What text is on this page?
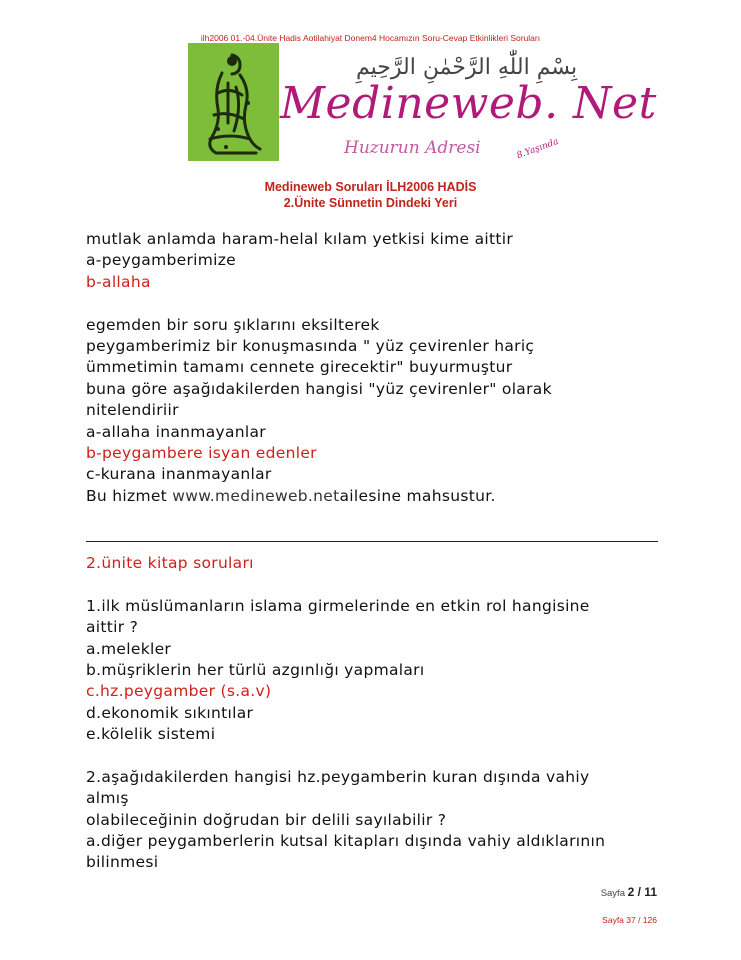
ilh2006 01.-04.Ünite Hadis Aotilahiyat Donem4 Hocamızın Soru-Cevap Etkinlikleri Soruları
بِسْمِ اللّٰهِ الرَّحْمٰنِ الرَّحِيمِ
Medineweb. Net
Huzurun Adresi	8.Yaşında
Medineweb Soruları İLH2006 HADİS
2.Ünite Sünnetin Dindeki Yeri
mutlak anlamda haram-helal kılam yetkisi kime aittir
a-peygamberimize
b-allaha
egemden bir soru şıklarını eksilterek
peygamberimiz bir konuşmasında " yüz çevirenler hariç
ümmetimin tamamı cennete girecektir" buyurmuştur
buna göre aşağıdakilerden hangisi "yüz çevirenler" olarak
nitelendiriir
a-allaha inanmayanlar
b-peygambere isyan edenler
c-kurana inanmayanlar
Bu hizmet www.medineweb.netailesine mahsustur.
2.ünite kitap soruları
1.ilk müslümanların islama girmelerinde en etkin rol hangisine
aittir ?
a.melekler
b.müşriklerin her türlü azgınlığı yapmaları
c.hz.peygamber (s.a.v)
d.ekonomik sıkıntılar
e.kölelik sistemi
2.aşağıdakilerden hangisi hz.peygamberin kuran dışında vahiy
almış
olabileceğinin doğrudan bir delili sayılabilir ?
a.diğer peygamberlerin kutsal kitapları dışında vahiy aldıklarının
bilinmesi
Sayfa 2 / 11
Sayfa 37 / 126
